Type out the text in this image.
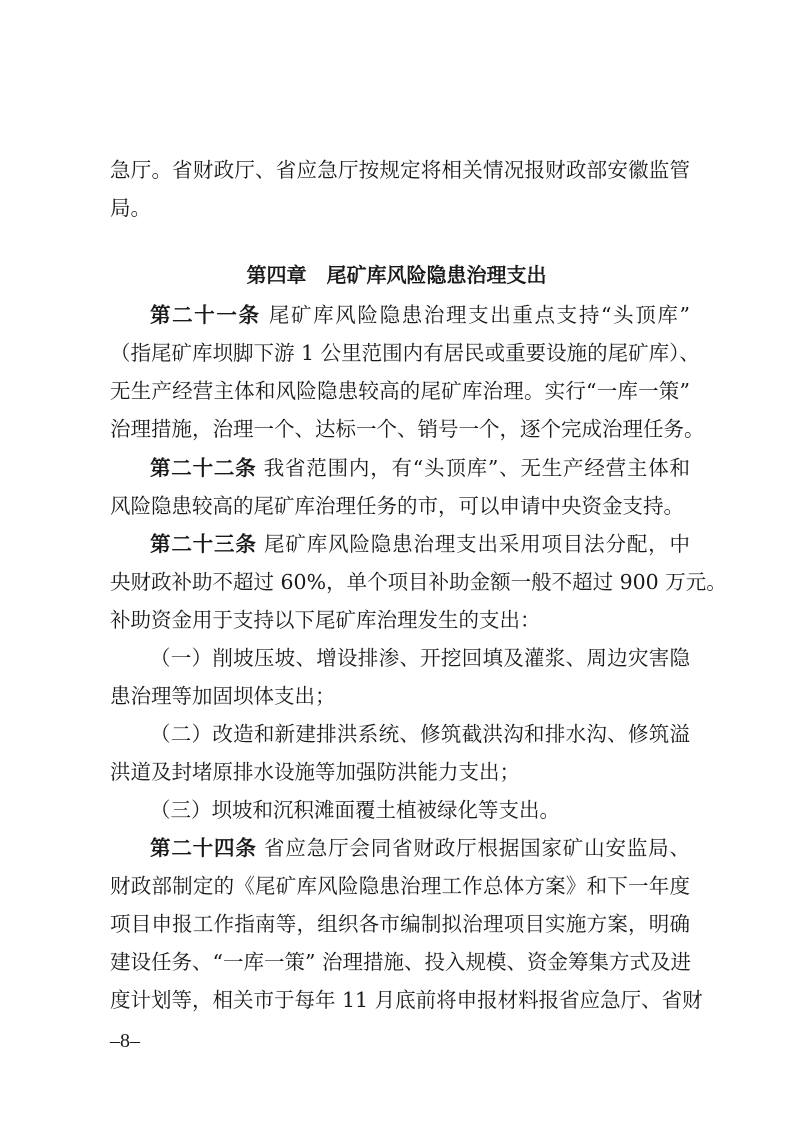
急厅。省财政厅、省应急厅按规定将相关情况报财政部安徽监管
局。
第四章　尾矿库风险隐患治理支出
第二十一条 尾矿库风险隐患治理支出重点支持“头顶库”
（指尾矿库坝脚下游 1 公里范围内有居民或重要设施的尾矿库）、
无生产经营主体和风险隐患较高的尾矿库治理。实行“一库一策”
治理措施，治理一个、达标一个、销号一个，逐个完成治理任务。
第二十二条 我省范围内，有“头顶库”、无生产经营主体和
风险隐患较高的尾矿库治理任务的市，可以申请中央资金支持。
第二十三条 尾矿库风险隐患治理支出采用项目法分配，中
央财政补助不超过 60%，单个项目补助金额一般不超过 900 万元。
补助资金用于支持以下尾矿库治理发生的支出：
（一）削坡压坡、增设排渗、开挖回填及灌浆、周边灾害隐
患治理等加固坝体支出；
（二）改造和新建排洪系统、修筑截洪沟和排水沟、修筑溢
洪道及封堵原排水设施等加强防洪能力支出；
（三）坝坡和沉积滩面覆土植被绿化等支出。
第二十四条 省应急厅会同省财政厅根据国家矿山安监局、
财政部制定的《尾矿库风险隐患治理工作总体方案》和下一年度
项目申报工作指南等，组织各市编制拟治理项目实施方案，明确
建设任务、“一库一策” 治理措施、投入规模、资金筹集方式及进
度计划等，相关市于每年 11 月底前将申报材料报省应急厅、省财
–8–
